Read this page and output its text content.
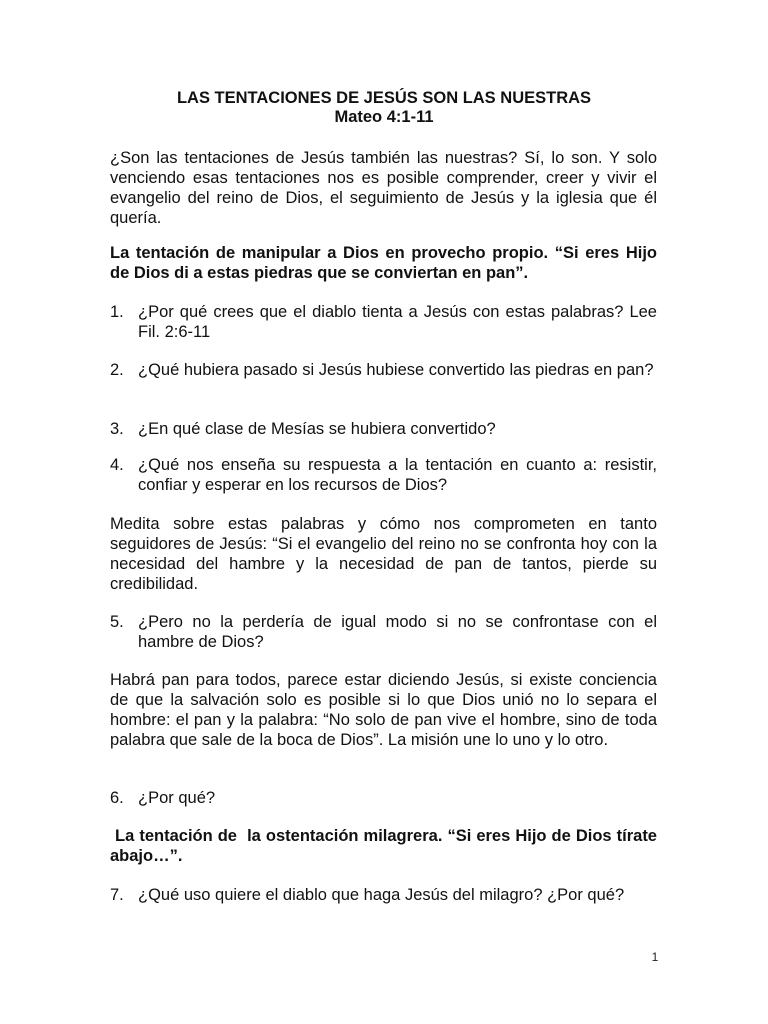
LAS TENTACIONES DE JESÚS SON LAS NUESTRAS
Mateo 4:1-11

¿Son las tentaciones de Jesús también las nuestras? Sí, lo son. Y solo venciendo esas tentaciones nos es posible comprender, creer y vivir el evangelio del reino de Dios, el seguimiento de Jesús y la iglesia que él quería.

La tentación de manipular a Dios en provecho propio. “Si eres Hijo de Dios di a estas piedras que se conviertan en pan”.

1. ¿Por qué crees que el diablo tienta a Jesús con estas palabras? Lee Fil. 2:6-11
2. ¿Qué hubiera pasado si Jesús hubiese convertido las piedras en pan?
3. ¿En qué clase de Mesías se hubiera convertido?
4. ¿Qué nos enseña su respuesta a la tentación en cuanto a: resistir, confiar y esperar en los recursos de Dios?

Medita sobre estas palabras y cómo nos comprometen en tanto seguidores de Jesús: “Si el evangelio del reino no se confronta hoy con la necesidad del hambre y la necesidad de pan de tantos, pierde su credibilidad.

5. ¿Pero no la perdería de igual modo si no se confrontase con el hambre de Dios?

Habrá pan para todos, parece estar diciendo Jesús, si existe conciencia de que la salvación solo es posible si lo que Dios unió no lo separa el hombre: el pan y la palabra: “No solo de pan vive el hombre, sino de toda palabra que sale de la boca de Dios”. La misión une lo uno y lo otro.

6. ¿Por qué?

La tentación de  la ostentación milagrera. “Si eres Hijo de Dios tírate abajo…”.

7. ¿Qué uso quiere el diablo que haga Jesús del milagro? ¿Por qué?
1
